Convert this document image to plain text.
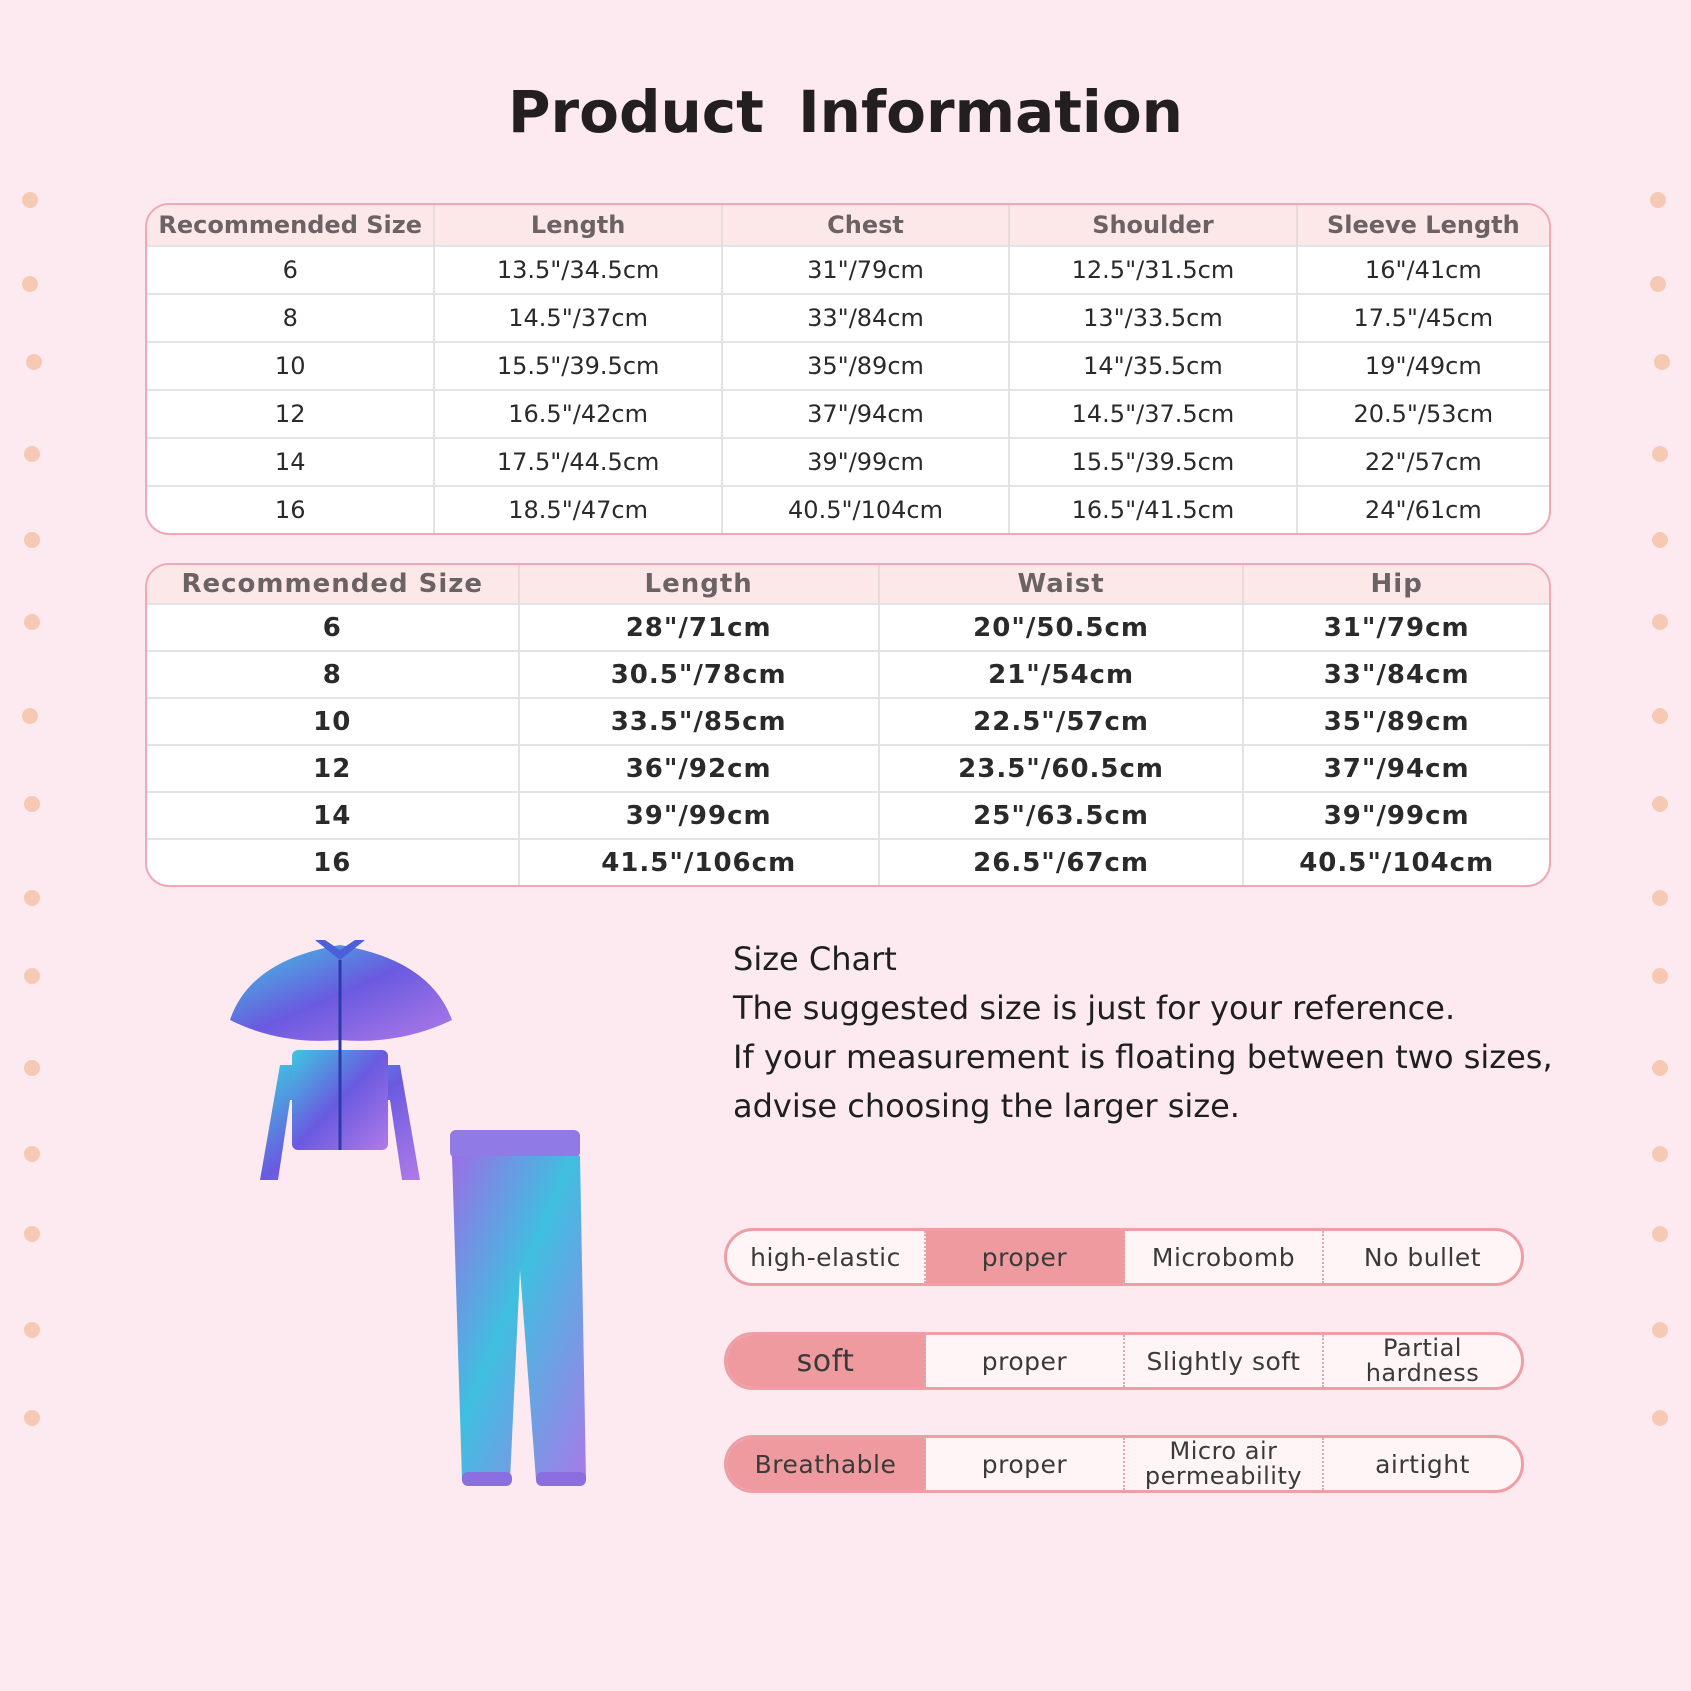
Product Information
Recommended Size	Length	Chest	Shoulder	Sleeve Length
6	13.5"/34.5cm	31"/79cm	12.5"/31.5cm	16"/41cm
8	14.5"/37cm	33"/84cm	13"/33.5cm	17.5"/45cm
10	15.5"/39.5cm	35"/89cm	14"/35.5cm	19"/49cm
12	16.5"/42cm	37"/94cm	14.5"/37.5cm	20.5"/53cm
14	17.5"/44.5cm	39"/99cm	15.5"/39.5cm	22"/57cm
16	18.5"/47cm	40.5"/104cm	16.5"/41.5cm	24"/61cm
Recommended Size	Length	Waist	Hip
6	28"/71cm	20"/50.5cm	31"/79cm
8	30.5"/78cm	21"/54cm	33"/84cm
10	33.5"/85cm	22.5"/57cm	35"/89cm
12	36"/92cm	23.5"/60.5cm	37"/94cm
14	39"/99cm	25"/63.5cm	39"/99cm
16	41.5"/106cm	26.5"/67cm	40.5"/104cm
Size Chart
The suggested size is just for your reference.
If your measurement is floating between two sizes,
advise choosing the larger size.
high-elastic	proper	Microbomb	No bullet
soft	proper	Slightly soft	Partial hardness
Breathable	proper	Micro air permeability	airtight
